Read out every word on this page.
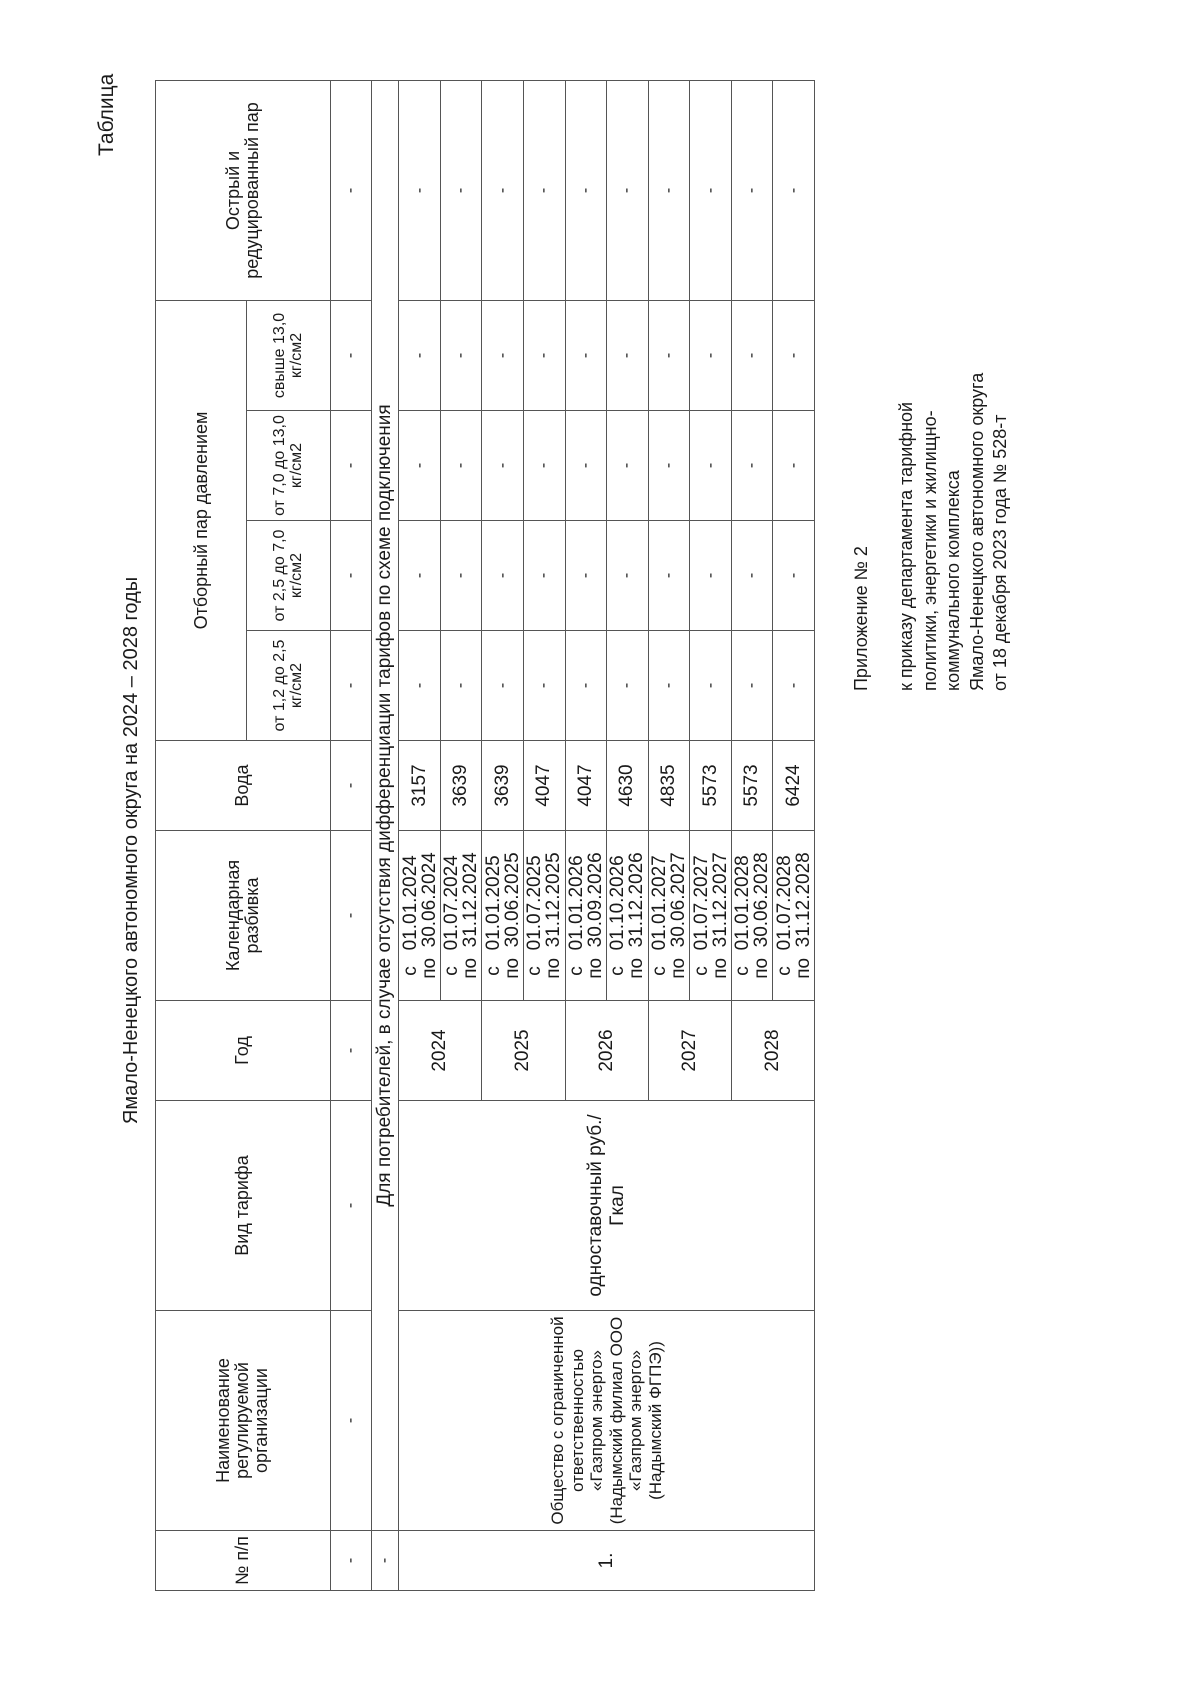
Таблица
Ямало-Ненецкого автономного округа на 2024 – 2028 годы
№ п/п	Наименование регулируемой организации	Вид тарифа	Год	Календарная разбивка	Вода	Отборный пар давлением				Острый и редуцированный пар
						от 1,2 до 2,5 кг/см2	от 2,5 до 7,0 кг/см2	от 7,0 до 13,0 кг/см2	свыше 13,0 кг/см2	
-	-	-	-	-	-	-	-	-	-	-
-	Для потребителей, в случае отсутствия дифференциации тарифов по схеме подключения									
1.	Общество с ограниченной ответственностью «Газпром энерго» (Надымский филиал ООО «Газпром энерго» (Надымский ФГПЭ))	одноставочный руб./Гкал	2024	с   01.01.2024
по  30.06.2024	3157	-	-	-	-	-

				с   01.07.2024
по  31.12.2024	3639	-	-	-	-	-
			2025	с   01.01.2025
по  30.06.2025	3639	-	-	-	-	-

				с   01.07.2025
по  31.12.2025	4047	-	-	-	-	-
			2026	с   01.01.2026
по  30.09.2026	4047	-	-	-	-	-

				с   01.10.2026
по  31.12.2026	4630	-	-	-	-	-
			2027	с   01.01.2027
по  30.06.2027	4835	-	-	-	-	-

				с   01.07.2027
по  31.12.2027	5573	-	-	-	-	-
			2028	с   01.01.2028
по  30.06.2028	5573	-	-	-	-	-

				с   01.07.2028
по  31.12.2028	6424	-	-	-	-	-
Приложение № 2 к приказу департамента тарифной политики, энергетики и жилищно- коммунального комплекса Ямало-Ненецкого автономного округа от 18 декабря 2023 года № 528-т
